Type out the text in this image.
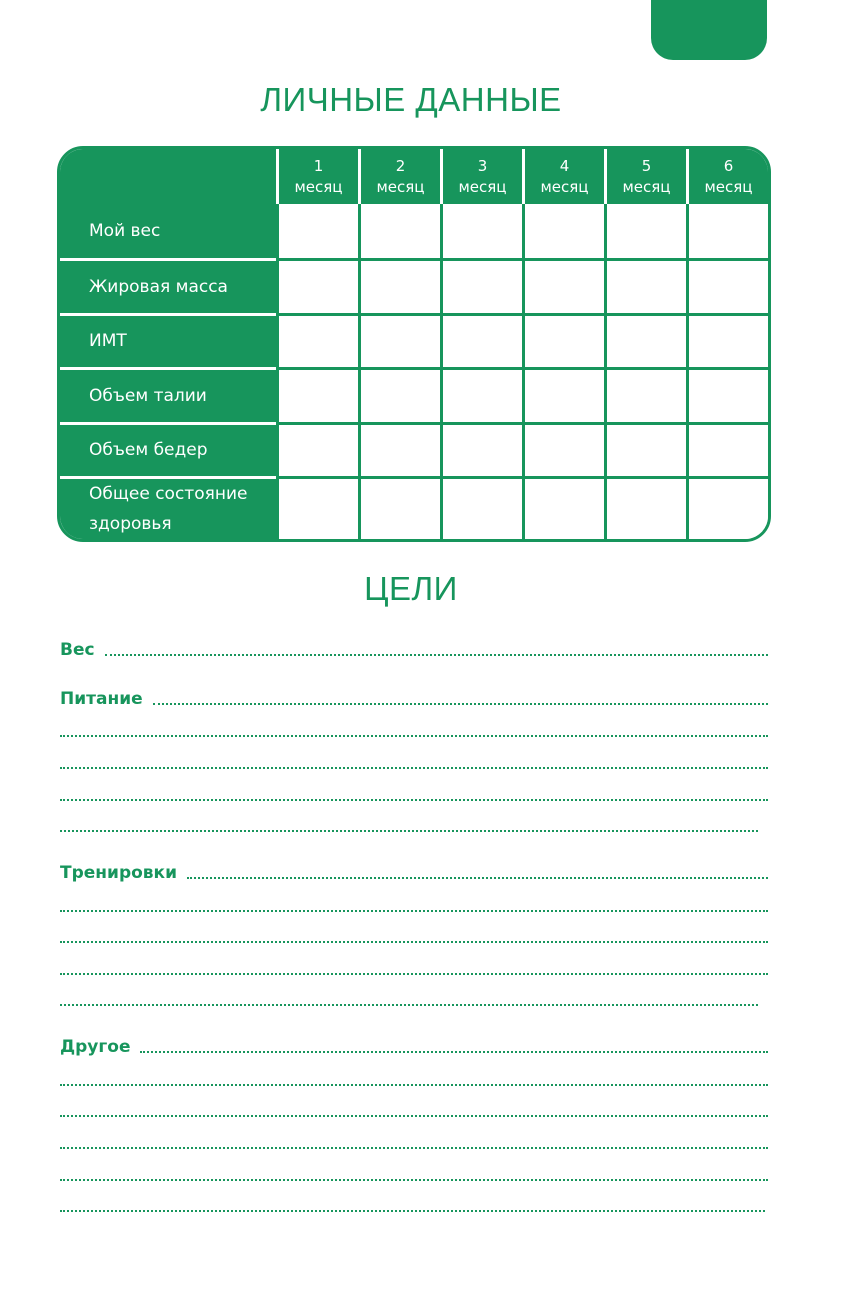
ЛИЧНЫЕ ДАННЫЕ
1
месяц
2
месяц
3
месяц
4
месяц
5
месяц
6
месяц
Мой вес
Жировая масса
ИМТ
Объем талии
Объем бедер
Общее состояние
здоровья
ЦЕЛИ
Вес
Питание
Тренировки
Другое
